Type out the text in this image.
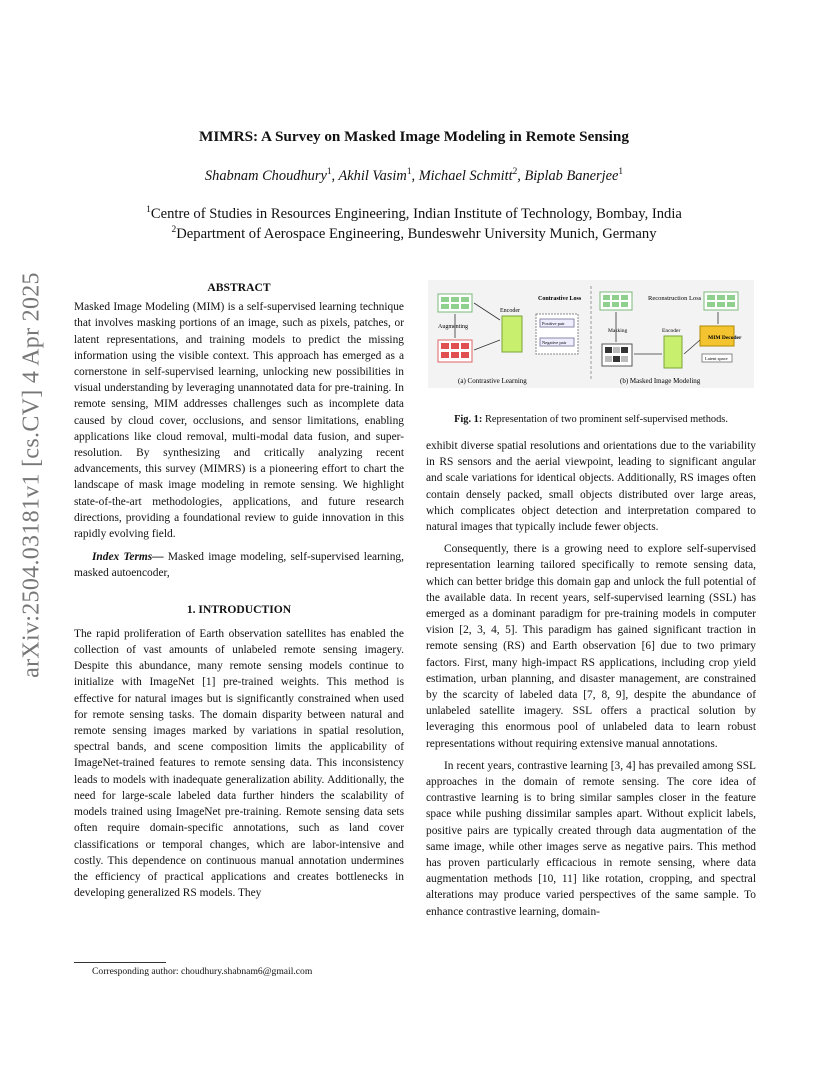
arXiv:2504.03181v1 [cs.CV] 4 Apr 2025
MIMRS: A Survey on Masked Image Modeling in Remote Sensing
Shabnam Choudhury$^1$, Akhil Vasim$^1$, Michael Schmitt$^2$, Biplab Banerjee$^1$
$^1$Centre of Studies in Resources Engineering, Indian Institute of Technology, Bombay, India
$^2$Department of Aerospace Engineering, Bundeswehr University Munich, Germany
ABSTRACT

Masked Image Modeling (MIM) is a self-supervised learning technique that involves masking portions of an image, such as pixels, patches, or latent representations, and training models to predict the missing information using the visible context. This approach has emerged as a cornerstone in self-supervised learning, unlocking new possibilities in visual understanding by leveraging unannotated data for pre-training. In remote sensing, MIM addresses challenges such as incomplete data caused by cloud cover, occlusions, and sensor limitations, enabling applications like cloud removal, multi-modal data fusion, and super-resolution. By synthesizing and critically analyzing recent advancements, this survey (MIMRS) is a pioneering effort to chart the landscape of mask image modeling in remote sensing. We highlight state-of-the-art methodologies, applications, and future research directions, providing a foundational review to guide innovation in this rapidly evolving field.

Index Terms— Masked image modeling, self-supervised learning, masked autoencoder,

1. INTRODUCTION

The rapid proliferation of Earth observation satellites has enabled the collection of vast amounts of unlabeled remote sensing imagery. Despite this abundance, many remote sensing models continue to initialize with ImageNet [1] pre-trained weights. This method is effective for natural images but is significantly constrained when used for remote sensing tasks. The domain disparity between natural and remote sensing images marked by variations in spatial resolution, spectral bands, and scene composition limits the applicability of ImageNet-trained features to remote sensing data. This inconsistency leads to models with inadequate generalization ability. Additionally, the need for large-scale labeled data further hinders the scalability of models trained using ImageNet pre-training. Remote sensing data sets often require domain-specific annotations, such as land cover classifications or temporal changes, which are labor-intensive and costly. This dependence on continuous manual annotation undermines the efficiency of practical applications and creates bottlenecks in developing generalized RS models. They

Corresponding author: choudhury.shabnam6@gmail.com
Augmenting
Encoder
Contrastive Loss
Positive pair
Negative pair
(a) Contrastive Learning
Reconstruction Loss
Masking	Encoder
MIM Decoder
Latent space
(b) Masked Image Modeling
Fig. 1: Representation of two prominent self-supervised methods.

exhibit diverse spatial resolutions and orientations due to the variability in RS sensors and the aerial viewpoint, leading to significant angular and scale variations for identical objects. Additionally, RS images often contain densely packed, small objects distributed over large areas, which complicates object detection and interpretation compared to natural images that typically include fewer objects.

Consequently, there is a growing need to explore self-supervised representation learning tailored specifically to remote sensing data, which can better bridge this domain gap and unlock the full potential of the available data. In recent years, self-supervised learning (SSL) has emerged as a dominant paradigm for pre-training models in computer vision [2, 3, 4, 5]. This paradigm has gained significant traction in remote sensing (RS) and Earth observation [6] due to two primary factors. First, many high-impact RS applications, including crop yield estimation, urban planning, and disaster management, are constrained by the scarcity of labeled data [7, 8, 9], despite the abundance of unlabeled satellite imagery. SSL offers a practical solution by leveraging this enormous pool of unlabeled data to learn robust representations without requiring extensive manual annotations.

In recent years, contrastive learning [3, 4] has prevailed among SSL approaches in the domain of remote sensing. The core idea of contrastive learning is to bring similar samples closer in the feature space while pushing dissimilar samples apart. Without explicit labels, positive pairs are typically created through data augmentation of the same image, while other images serve as negative pairs. This method has proven particularly efficacious in remote sensing, where data augmentation methods [10, 11] like rotation, cropping, and spectral alterations may produce varied perspectives of the same sample. To enhance contrastive learning, domain-
